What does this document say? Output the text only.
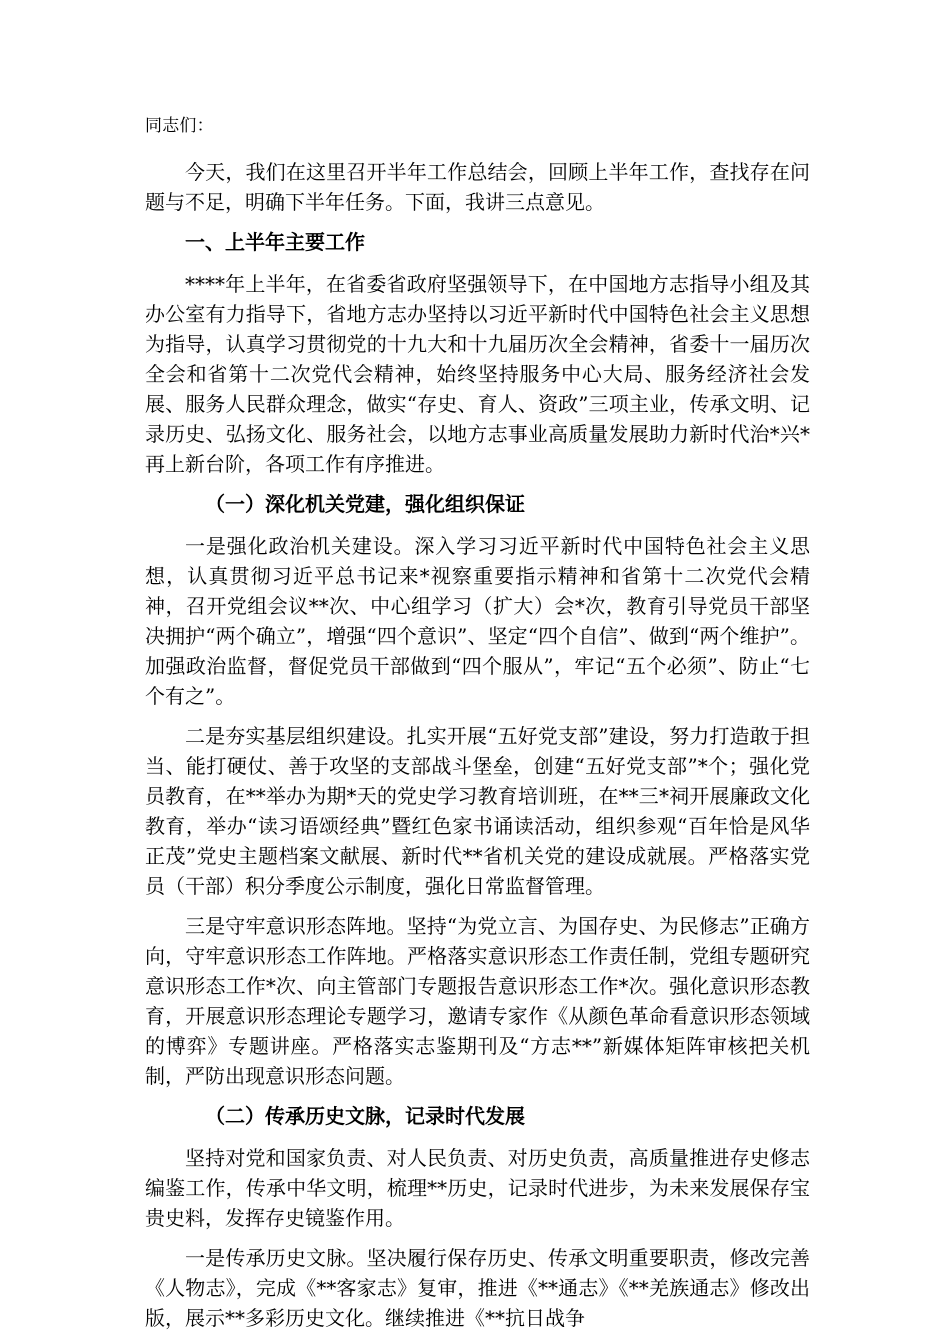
同志们：

今天，我们在这里召开半年工作总结会，回顾上半年工作，查找存在问题与不足，明确下半年任务。下面，我讲三点意见。

一、上半年主要工作

****年上半年，在省委省政府坚强领导下，在中国地方志指导小组及其办公室有力指导下，省地方志办坚持以习近平新时代中国特色社会主义思想为指导，认真学习贯彻党的十九大和十九届历次全会精神，省委十一届历次全会和省第十二次党代会精神，始终坚持服务中心大局、服务经济社会发展、服务人民群众理念，做实“存史、育人、资政”三项主业，传承文明、记录历史、弘扬文化、服务社会，以地方志事业高质量发展助力新时代治*兴*再上新台阶，各项工作有序推进。

（一）深化机关党建，强化组织保证

一是强化政治机关建设。深入学习习近平新时代中国特色社会主义思想，认真贯彻习近平总书记来*视察重要指示精神和省第十二次党代会精神，召开党组会议**次、中心组学习（扩大）会*次，教育引导党员干部坚决拥护“两个确立”，增强“四个意识”、坚定“四个自信”、做到“两个维护”。加强政治监督，督促党员干部做到“四个服从”，牢记“五个必须”、防止“七个有之”。

二是夯实基层组织建设。扎实开展“五好党支部”建设，努力打造敢于担当、能打硬仗、善于攻坚的支部战斗堡垒，创建“五好党支部”*个；强化党员教育，在**举办为期*天的党史学习教育培训班，在**三*祠开展廉政文化教育，举办“读习语颂经典”暨红色家书诵读活动，组织参观“百年恰是风华正茂”党史主题档案文献展、新时代**省机关党的建设成就展。严格落实党员（干部）积分季度公示制度，强化日常监督管理。

三是守牢意识形态阵地。坚持“为党立言、为国存史、为民修志”正确方向，守牢意识形态工作阵地。严格落实意识形态工作责任制，党组专题研究意识形态工作*次、向主管部门专题报告意识形态工作*次。强化意识形态教育，开展意识形态理论专题学习，邀请专家作《从颜色革命看意识形态领域的博弈》专题讲座。严格落实志鉴期刊及“方志**”新媒体矩阵审核把关机制，严防出现意识形态问题。

（二）传承历史文脉，记录时代发展

坚持对党和国家负责、对人民负责、对历史负责，高质量推进存史修志编鉴工作，传承中华文明，梳理**历史，记录时代进步，为未来发展保存宝贵史料，发挥存史镜鉴作用。

一是传承历史文脉。坚决履行保存历史、传承文明重要职责，修改完善《人物志》，完成《**客家志》复审，推进《**通志》《**羌族通志》修改出版，展示**多彩历史文化。继续推进《**抗日战争
